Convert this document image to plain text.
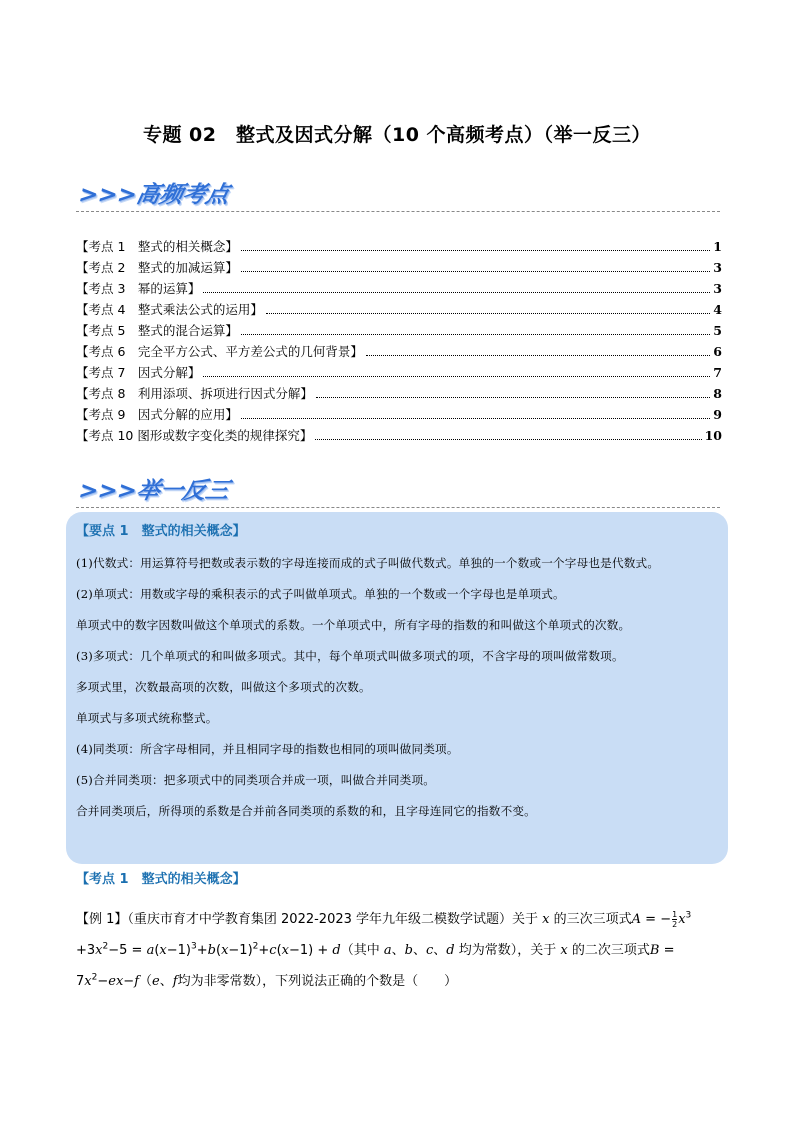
专题 02　整式及因式分解（10 个高频考点）（举一反三）
>>>高频考点
【考点 1　整式的相关概念】	1
【考点 2　整式的加减运算】	3
【考点 3　幂的运算】	3
【考点 4　整式乘法公式的运用】	4
【考点 5　整式的混合运算】	5
【考点 6　完全平方公式、平方差公式的几何背景】	6
【考点 7　因式分解】	7
【考点 8　利用添项、拆项进行因式分解】	8
【考点 9　因式分解的应用】	9
【考点 10 图形或数字变化类的规律探究】	10
>>>举一反三
【要点 1　整式的相关概念】

(1)代数式：用运算符号把数或表示数的字母连接而成的式子叫做代数式。单独的一个数或一个字母也是代数式。

(2)单项式：用数或字母的乘积表示的式子叫做单项式。单独的一个数或一个字母也是单项式。

单项式中的数字因数叫做这个单项式的系数。一个单项式中，所有字母的指数的和叫做这个单项式的次数。

(3)多项式：几个单项式的和叫做多项式。其中，每个单项式叫做多项式的项，不含字母的项叫做常数项。

多项式里，次数最高项的次数，叫做这个多项式的次数。

单项式与多项式统称整式。

(4)同类项：所含字母相同，并且相同字母的指数也相同的项叫做同类项。

(5)合并同类项：把多项式中的同类项合并成一项，叫做合并同类项。

合并同类项后，所得项的系数是合并前各同类项的系数的和，且字母连同它的指数不变。

【考点 1　整式的相关概念】
【例 1】（重庆市育才中学教育集团 2022-2023 学年九年级二模数学试题）关于 x 的三次三项式A = − $\frac{1}{2} x^3 +3x^2-5 = a(x-1)^3+b(x-1)^2+c(x-1) + d$（其中 a、b、c、d 均为常数），关于 x 的二次三项式$B = 7x^2-ex-f(e$、f均为非零常数），下列说法正确的个数是（　　）
